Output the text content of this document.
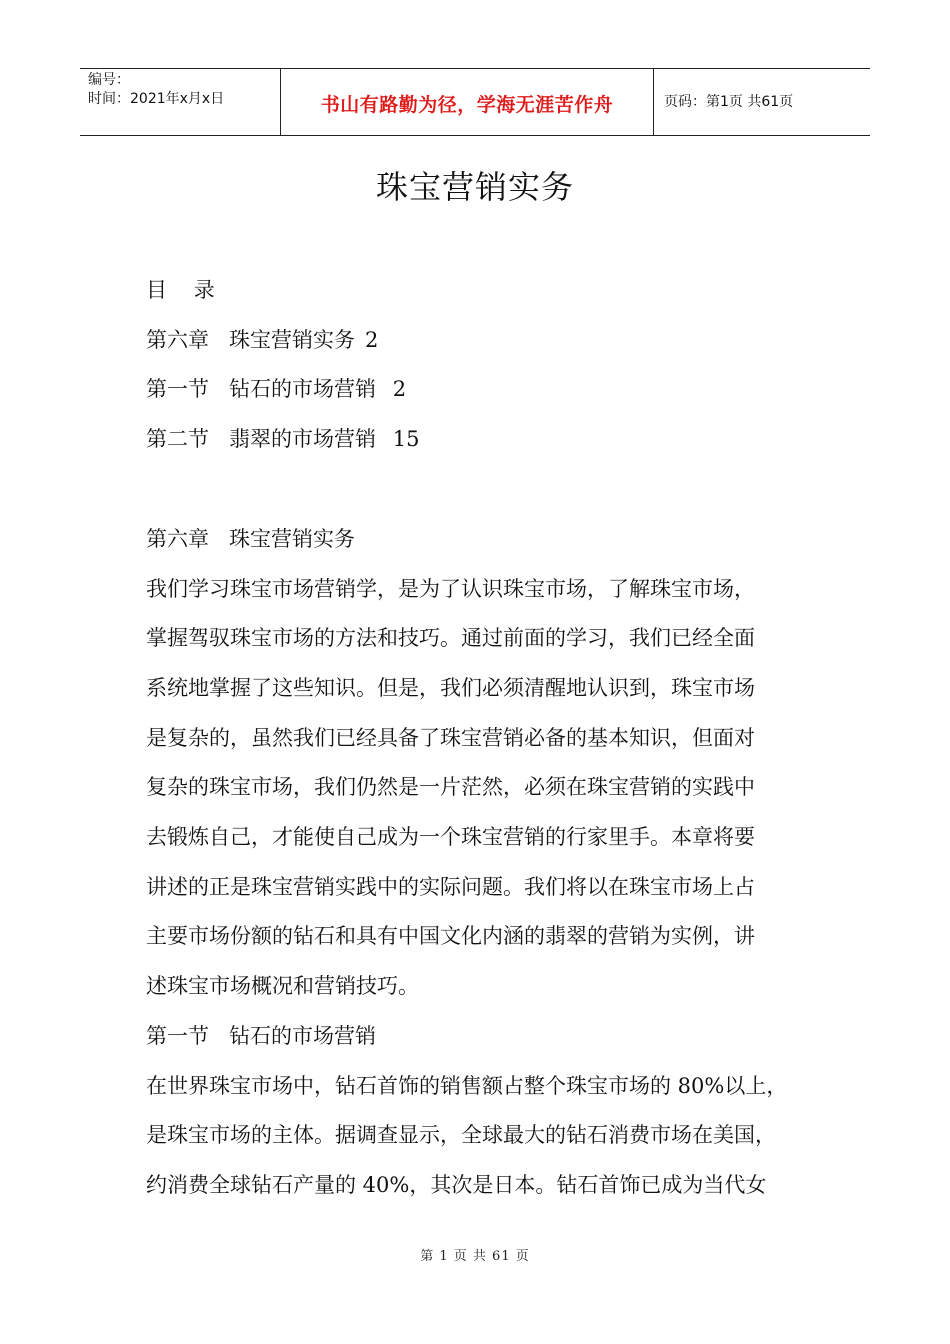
编号：
时间：2021年x月x日	书山有路勤为径，学海无涯苦作舟	页码：第1页 共61页
珠宝营销实务
目    录
第六章   珠宝营销实务 2
第一节   钻石的市场营销 2
第二节   翡翠的市场营销 15
第六章   珠宝营销实务
我们学习珠宝市场营销学，是为了认识珠宝市场，了解珠宝市场，
掌握驾驭珠宝市场的方法和技巧。通过前面的学习，我们已经全面
系统地掌握了这些知识。但是，我们必须清醒地认识到，珠宝市场
是复杂的，虽然我们已经具备了珠宝营销必备的基本知识，但面对
复杂的珠宝市场，我们仍然是一片茫然，必须在珠宝营销的实践中
去锻炼自己，才能使自己成为一个珠宝营销的行家里手。本章将要
讲述的正是珠宝营销实践中的实际问题。我们将以在珠宝市场上占
主要市场份额的钻石和具有中国文化内涵的翡翠的营销为实例，讲
述珠宝市场概况和营销技巧。
第一节   钻石的市场营销
在世界珠宝市场中，钻石首饰的销售额占整个珠宝市场的 80%以上，
是珠宝市场的主体。据调查显示，全球最大的钻石消费市场在美国，
约消费全球钻石产量的 40%，其次是日本。钻石首饰已成为当代女
第 1 页 共 61 页
